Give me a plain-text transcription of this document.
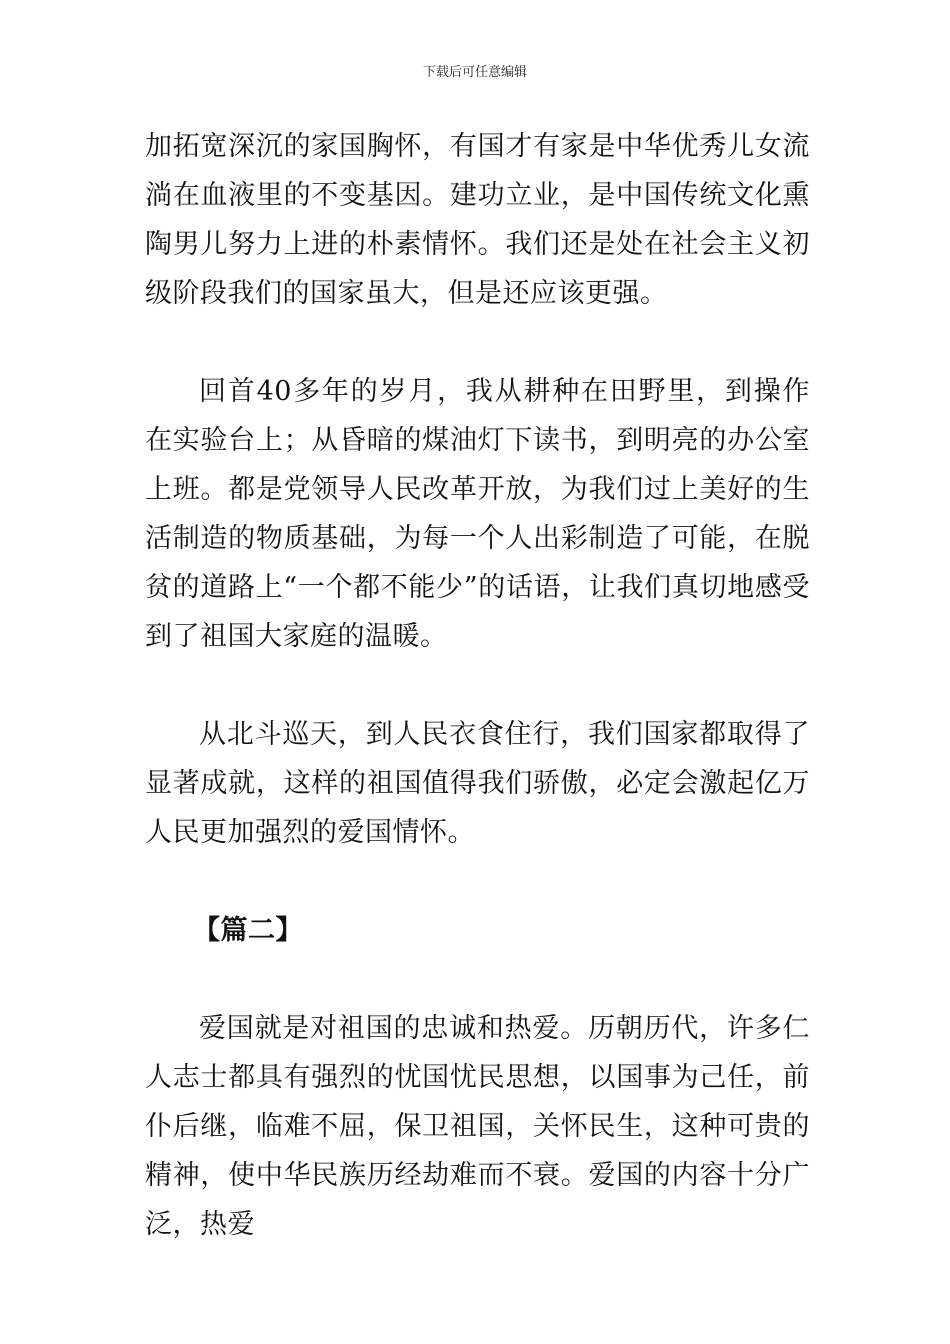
下载后可任意编辑

加拓宽深沉的家国胸怀，有国才有家是中华优秀儿女流淌在血液里的不变基因。建功立业，是中国传统文化熏陶男儿努力上进的朴素情怀。我们还是处在社会主义初级阶段我们的国家虽大，但是还应该更强。

回首40多年的岁月，我从耕种在田野里，到操作在实验台上；从昏暗的煤油灯下读书，到明亮的办公室上班。都是党领导人民改革开放，为我们过上美好的生活制造的物质基础，为每一个人出彩制造了可能，在脱贫的道路上“一个都不能少”的话语，让我们真切地感受到了祖国大家庭的温暖。

从北斗巡天，到人民衣食住行，我们国家都取得了显著成就，这样的祖国值得我们骄傲，必定会激起亿万人民更加强烈的爱国情怀。

【篇二】

爱国就是对祖国的忠诚和热爱。历朝历代，许多仁人志士都具有强烈的忧国忧民思想，以国事为己任，前仆后继，临难不屈，保卫祖国，关怀民生，这种可贵的精神，使中华民族历经劫难而不衰。爱国的内容十分广泛，热爱
